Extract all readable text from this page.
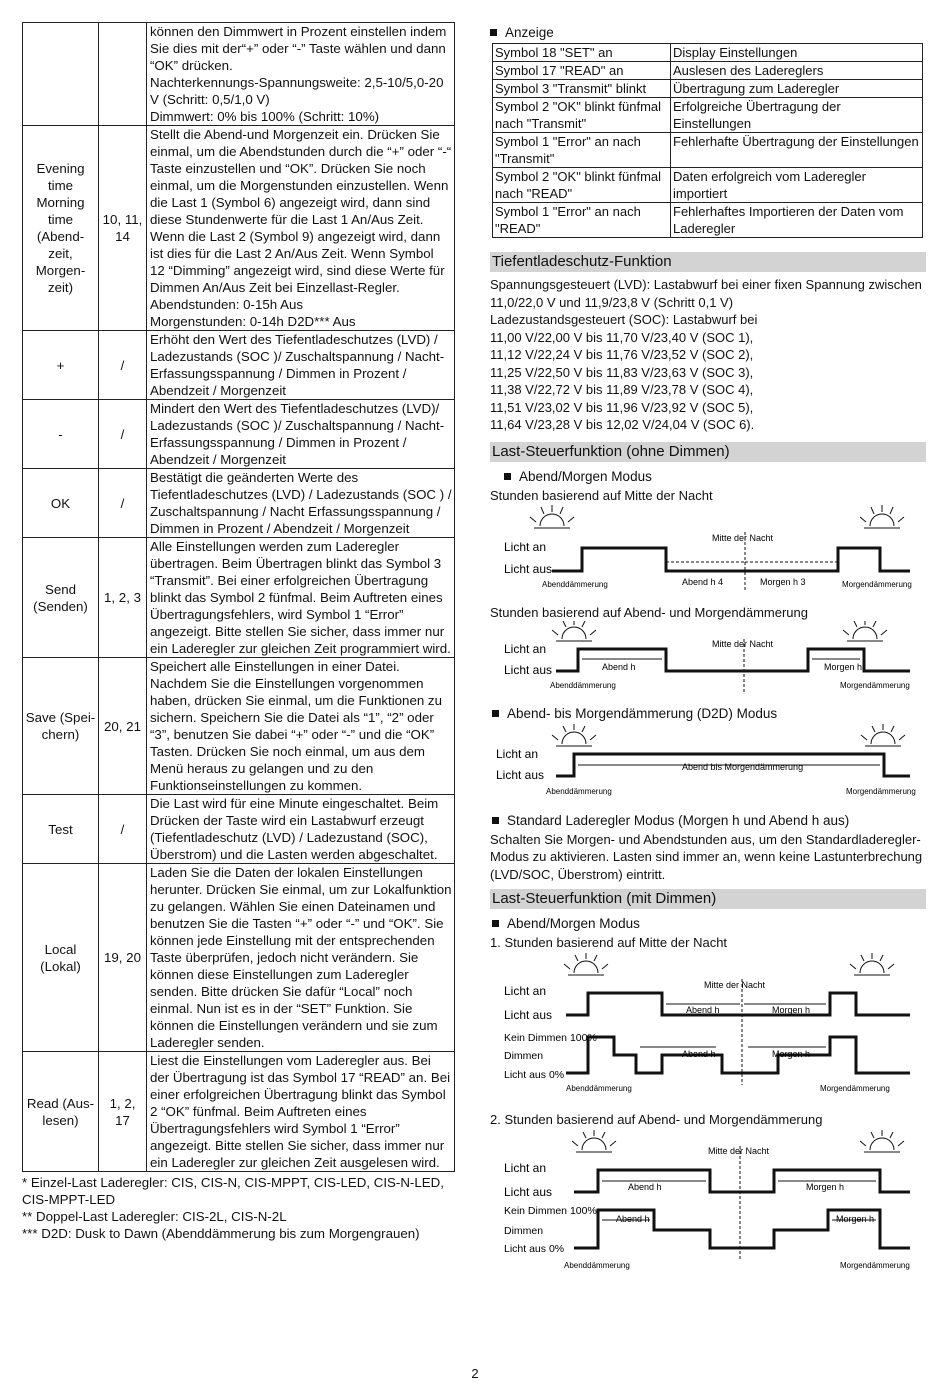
		können den Dimmwert in Prozent einstellen indem Sie dies mit der“+” oder “-” Taste wählen und dann “OK” drücken.
Nachterkennungs-Spannungsweite: 2,5-10/5,0-20 V (Schritt: 0,5/1,0 V)
Dimmwert: 0% bis 100% (Schritt: 10%)
Evening time Morning time (Abend-zeit, Morgen-zeit)	10, 11, 14	Stellt die Abend-und Morgenzeit ein. Drücken Sie einmal, um die Abendstunden durch die “+” oder “-“ Taste einzustellen und “OK”. Drücken Sie noch einmal, um die Morgenstunden einzustellen. Wenn die Last 1 (Symbol 6) angezeigt wird, dann sind diese Stundenwerte für die Last 1 An/Aus Zeit. Wenn die Last 2 (Symbol 9) angezeigt wird, dann ist dies für die Last 2 An/Aus Zeit. Wenn Symbol 12 “Dimming” angezeigt wird, sind diese Werte für Dimmen An/Aus Zeit bei Einzellast-Regler.
Abendstunden: 0-15h Aus
Morgenstunden: 0-14h D2D*** Aus
+	/	Erhöht den Wert des Tiefentladeschutzes (LVD) / Ladezustands (SOC )/ Zuschaltspannung / Nacht-Erfassungsspannung / Dimmen in Prozent / Abendzeit / Morgenzeit
-	/	Mindert den Wert des Tiefentladeschutzes (LVD)/ Ladezustands (SOC )/ Zuschaltspannung / Nacht-Erfassungsspannung / Dimmen in Prozent / Abendzeit / Morgenzeit
OK	/	Bestätigt die geänderten Werte des Tiefentladeschutzes (LVD) / Ladezustands (SOC ) / Zuschaltspannung / Nacht Erfassungsspannung / Dimmen in Prozent / Abendzeit / Morgenzeit
Send (Senden)	1, 2, 3	Alle Einstellungen werden zum Laderegler übertragen. Beim Übertragen blinkt das Symbol 3 “Transmit”. Bei einer erfolgreichen Übertragung blinkt das Symbol 2 fünfmal. Beim Auftreten eines Übertragungsfehlers, wird Symbol 1 “Error” angezeigt. Bitte stellen Sie sicher, dass immer nur ein Laderegler zur gleichen Zeit programmiert wird.
Save (Spei-chern)	20, 21	Speichert alle Einstellungen in einer Datei. Nachdem Sie die Einstellungen vorgenommen haben, drücken Sie einmal, um die Funktionen zu sichern. Speichern Sie die Datei als “1”, “2” oder “3”, benutzen Sie dabei “+” oder “-” und die “OK” Tasten. Drücken Sie noch einmal, um aus dem Menü heraus zu gelangen und zu den Funktionseinstellungen zu kommen.
Test	/	Die Last wird für eine Minute eingeschaltet. Beim Drücken der Taste wird ein Lastabwurf erzeugt (Tiefentladeschutz (LVD) / Ladezustand (SOC),
Überstrom) und die Lasten werden abgeschaltet.
Local (Lokal)	19, 20	Laden Sie die Daten der lokalen Einstellungen herunter. Drücken Sie einmal, um zur Lokalfunktion zu gelangen. Wählen Sie einen Dateinamen und benutzen Sie die Tasten “+” oder “-” und “OK”. Sie können jede Einstellung mit der entsprechenden Taste überprüfen, jedoch nicht verändern. Sie können diese Einstellungen zum Laderegler senden. Bitte drücken Sie dafür “Local” noch einmal. Nun ist es in der “SET” Funktion. Sie können die Einstellungen verändern und sie zum Laderegler senden.
Read (Aus-lesen)	1, 2, 17	Liest die Einstellungen vom Laderegler aus. Bei der Übertragung ist das Symbol 17 “READ” an. Bei einer erfolgreichen Übertragung blinkt das Symbol 2 “OK” fünfmal. Beim Auftreten eines Übertragungsfehlers wird Symbol 1 “Error” angezeigt. Bitte stellen Sie sicher, dass immer nur ein Laderegler zur gleichen Zeit ausgelesen wird.
* Einzel-Last Laderegler: CIS, CIS-N, CIS-MPPT, CIS-LED, CIS-N-LED, CIS-MPPT-LED
** Doppel-Last Laderegler: CIS-2L, CIS-N-2L
*** D2D: Dusk to Dawn (Abenddämmerung bis zum Morgengrauen)
Anzeige
Symbol 18 "SET" an	Display Einstellungen
Symbol 17 "READ" an	Auslesen des Ladereglers
Symbol 3 "Transmit" blinkt	Übertragung zum Laderegler
Symbol 2 "OK" blinkt fünfmal nach "Transmit"	Erfolgreiche Übertragung der Einstellungen
Symbol 1 "Error" an nach "Transmit"	Fehlerhafte Übertragung der Einstellungen
Symbol 2 "OK" blinkt fünfmal nach "READ"	Daten erfolgreich vom Laderegler importiert
Symbol 1 "Error" an nach "READ"	Fehlerhaftes Importieren der Daten vom Laderegler
Tiefentladeschutz-Funktion
Spannungsgesteuert (LVD): Lastabwurf bei einer fixen Spannung zwischen
11,0/22,0 V und 11,9/23,8 V (Schritt 0,1 V)
Ladezustandsgesteuert (SOC): Lastabwurf bei
11,00 V/22,00 V bis 11,70 V/23,40 V (SOC 1),
11,12 V/22,24 V bis 11,76 V/23,52 V (SOC 2),
11,25 V/22,50 V bis 11,83 V/23,63 V (SOC 3),
11,38 V/22,72 V bis 11,89 V/23,78 V (SOC 4),
11,51 V/23,02 V bis 11,96 V/23,92 V (SOC 5),
11,64 V/23,28 V bis 12,02 V/24,04 V (SOC 6).
Last-Steuerfunktion (ohne Dimmen)
Abend/Morgen Modus
Stunden basierend auf Mitte der Nacht
Licht an
Licht aus
Mitte der Nacht
Abend h 4	Morgen h 3
Abenddämmerung	Morgendämmerung
Stunden basierend auf Abend- und Morgendämmerung
Licht an
Licht aus
Mitte der Nacht
Abend h	Morgen h
Abenddämmerung	Morgendämmerung
Abend- bis Morgendämmerung (D2D) Modus
Licht an
Licht aus
Abend bis Morgendämmerung
Abenddämmerung	Morgendämmerung
Standard Laderegler Modus (Morgen h und Abend h aus)
Schalten Sie Morgen- und Abendstunden aus, um den Standardladeregler-Modus zu aktivieren. Lasten sind immer an, wenn keine Lastunterbrechung (LVD/SOC, Überstrom) eintritt.
Last-Steuerfunktion (mit Dimmen)
Abend/Morgen Modus
1. Stunden basierend auf Mitte der Nacht
Licht an
Licht aus
Mitte der Nacht
Abend h	Morgen h
Kein Dimmen 100%
Dimmen
Licht aus 0%
Abend h	Morgen h
Abenddämmerung	Morgendämmerung
2. Stunden basierend auf Abend- und Morgendämmerung
Licht an
Licht aus
Mitte der Nacht
Abend h	Morgen h
Kein Dimmen 100%
Dimmen
Licht aus 0%
Abend h	Morgen h
Abenddämmerung	Morgendämmerung
2
